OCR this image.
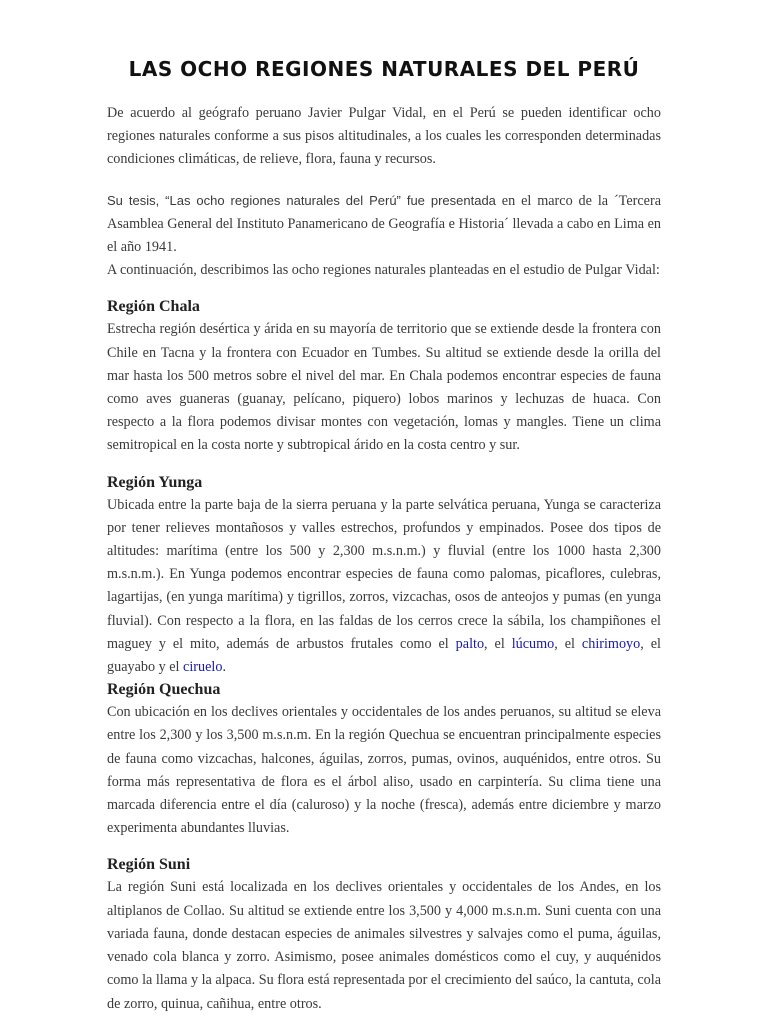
LAS OCHO REGIONES NATURALES DEL PERÚ

De acuerdo al geógrafo peruano Javier Pulgar Vidal, en el Perú se pueden identificar ocho regiones naturales conforme a sus pisos altitudinales, a los cuales les corresponden determinadas condiciones climáticas, de relieve, flora, fauna y recursos.

Su tesis, “Las ocho regiones naturales del Perú” fue presentada en el marco de la ´Tercera Asamblea General del Instituto Panamericano de Geografía e Historia´ llevada a cabo en Lima en el año 1941.

A continuación, describimos las ocho regiones naturales planteadas en el estudio de Pulgar Vidal:

Región Chala

Estrecha región desértica y árida en su mayoría de territorio que se extiende desde la frontera con Chile en Tacna y la frontera con Ecuador en Tumbes. Su altitud se extiende desde la orilla del mar hasta los 500 metros sobre el nivel del mar. En Chala podemos encontrar especies de fauna como aves guaneras (guanay, pelícano, piquero) lobos marinos y lechuzas de huaca. Con respecto a la flora podemos divisar montes con vegetación, lomas y mangles. Tiene un clima semitropical en la costa norte y subtropical árido en la costa centro y sur.

Región Yunga

Ubicada entre la parte baja de la sierra peruana y la parte selvática peruana, Yunga se caracteriza por tener relieves montañosos y valles estrechos, profundos y empinados. Posee dos tipos de altitudes: marítima (entre los 500 y 2,300 m.s.n.m.) y fluvial (entre los 1000 hasta 2,300 m.s.n.m.). En Yunga podemos encontrar especies de fauna como palomas, picaflores, culebras, lagartijas, (en yunga marítima) y tigrillos, zorros, vizcachas, osos de anteojos y pumas (en yunga fluvial). Con respecto a la flora, en las faldas de los cerros crece la sábila, los champiñones el maguey y el mito, además de arbustos frutales como el palto, el lúcumo, el chirimoyo, el guayabo y el ciruelo.

Región Quechua

Con ubicación en los declives orientales y occidentales de los andes peruanos, su altitud se eleva entre los 2,300 y los 3,500 m.s.n.m. En la región Quechua se encuentran principalmente especies de fauna como vizcachas, halcones, águilas, zorros, pumas, ovinos, auquénidos, entre otros. Su forma más representativa de flora es el árbol aliso, usado en carpintería. Su clima tiene una marcada diferencia entre el día (caluroso) y la noche (fresca), además entre diciembre y marzo experimenta abundantes lluvias.

Región Suni

La región Suni está localizada en los declives orientales y occidentales de los Andes, en los altiplanos de Collao. Su altitud se extiende entre los 3,500 y 4,000 m.s.n.m. Suni cuenta con una variada fauna, donde destacan especies de animales silvestres y salvajes como el puma, águilas, venado cola blanca y zorro. Asimismo, posee animales domésticos como el cuy, y auquénidos como la llama y la alpaca. Su flora está representada por el crecimiento del saúco, la cantuta, cola de zorro, quinua, cañihua, entre otros.
